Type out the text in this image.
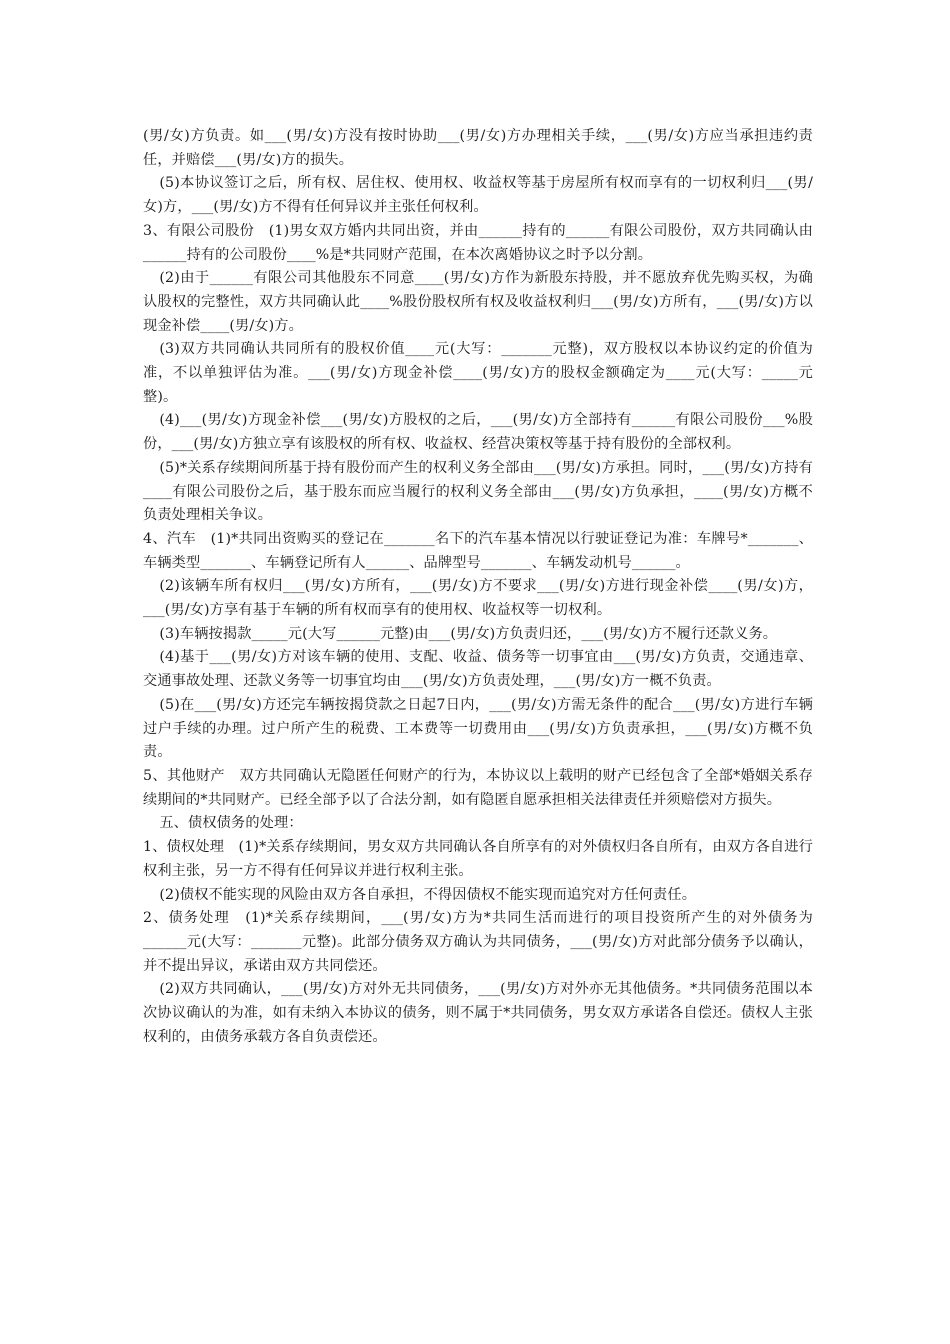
(男/女)方负责。如___(男/女)方没有按时协助___(男/女)方办理相关手续，___(男/女)方应当承担违约责任，并赔偿___(男/女)方的损失。

(5)本协议签订之后，所有权、居住权、使用权、收益权等基于房屋所有权而享有的一切权利归___(男/女)方，___(男/女)方不得有任何异议并主张任何权利。

3、有限公司股份　(1)男女双方婚内共同出资，并由______持有的______有限公司股份，双方共同确认由______持有的公司股份____%是*共同财产范围，在本次离婚协议之时予以分割。

(2)由于______有限公司其他股东不同意____(男/女)方作为新股东持股，并不愿放弃优先购买权，为确认股权的完整性，双方共同确认此____%股份股权所有权及收益权利归___(男/女)方所有，___(男/女)方以现金补偿____(男/女)方。

(3)双方共同确认共同所有的股权价值____元(大写：_______元整)，双方股权以本协议约定的价值为准，不以单独评估为准。___(男/女)方现金补偿____(男/女)方的股权金额确定为____元(大写：_____元整)。

(4)___(男/女)方现金补偿___(男/女)方股权的之后，___(男/女)方全部持有______有限公司股份___%股份，___(男/女)方独立享有该股权的所有权、收益权、经营决策权等基于持有股份的全部权利。

(5)*关系存续期间所基于持有股份而产生的权利义务全部由___(男/女)方承担。同时，___(男/女)方持有____有限公司股份之后，基于股东而应当履行的权利义务全部由___(男/女)方负承担，____(男/女)方概不负责处理相关争议。

4、汽车　(1)*共同出资购买的登记在_______名下的汽车基本情况以行驶证登记为准：车牌号*_______、车辆类型_______、车辆登记所有人______、品牌型号_______、车辆发动机号______。

(2)该辆车所有权归___(男/女)方所有，___(男/女)方不要求___(男/女)方进行现金补偿____(男/女)方，___(男/女)方享有基于车辆的所有权而享有的使用权、收益权等一切权利。

(3)车辆按揭款_____元(大写______元整)由___(男/女)方负责归还，___(男/女)方不履行还款义务。

(4)基于___(男/女)方对该车辆的使用、支配、收益、债务等一切事宜由___(男/女)方负责，交通违章、交通事故处理、还款义务等一切事宜均由___(男/女)方负责处理，___(男/女)方一概不负责。

(5)在___(男/女)方还完车辆按揭贷款之日起7日内，___(男/女)方需无条件的配合___(男/女)方进行车辆过户手续的办理。过户所产生的税费、工本费等一切费用由___(男/女)方负责承担，___(男/女)方概不负责。

5、其他财产　双方共同确认无隐匿任何财产的行为，本协议以上载明的财产已经包含了全部*婚姻关系存续期间的*共同财产。已经全部予以了合法分割，如有隐匿自愿承担相关法律责任并须赔偿对方损失。

五、债权债务的处理：

1、债权处理　(1)*关系存续期间，男女双方共同确认各自所享有的对外债权归各自所有，由双方各自进行权利主张，另一方不得有任何异议并进行权利主张。

(2)债权不能实现的风险由双方各自承担，不得因债权不能实现而追究对方任何责任。

2、债务处理　(1)*关系存续期间，___(男/女)方为*共同生活而进行的项目投资所产生的对外债务为______元(大写：_______元整)。此部分债务双方确认为共同债务，___(男/女)方对此部分债务予以确认，并不提出异议，承诺由双方共同偿还。

(2)双方共同确认，___(男/女)方对外无共同债务，___(男/女)方对外亦无其他债务。*共同债务范围以本次协议确认的为准，如有未纳入本协议的债务，则不属于*共同债务，男女双方承诺各自偿还。债权人主张权利的，由债务承载方各自负责偿还。
